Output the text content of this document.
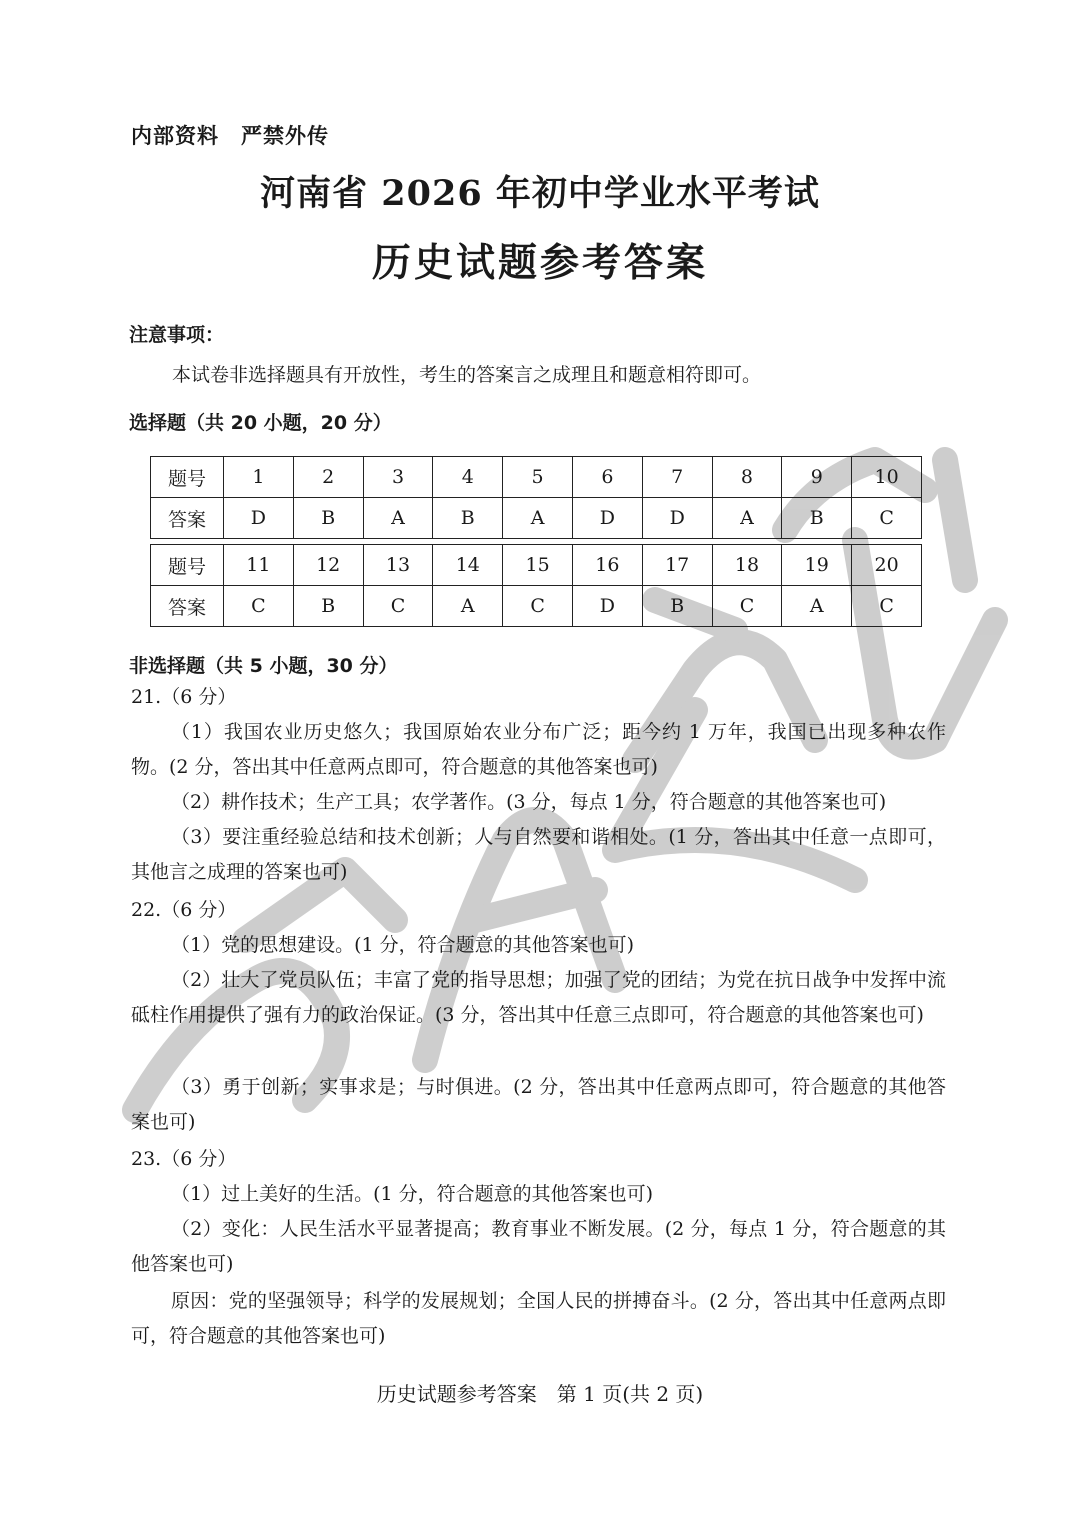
内部资料　严禁外传
河南省 2026 年初中学业水平考试
历史试题参考答案
注意事项：
本试卷非选择题具有开放性，考生的答案言之成理且和题意相符即可。
选择题（共 20 小题，20 分）
题号	1	2	3	4	5	6	7	8	9	10
答案	D	B	A	B	A	D	D	A	B	C
题号	11	12	13	14	15	16	17	18	19	20
答案	C	B	C	A	C	D	B	C	A	C
非选择题（共 5 小题，30 分）
21.（6 分）
（1）我国农业历史悠久；我国原始农业分布广泛；距今约 1 万年，我国已出现多种农作物。(2 分，答出其中任意两点即可，符合题意的其他答案也可)
（2）耕作技术；生产工具；农学著作。(3 分，每点 1 分，符合题意的其他答案也可)
（3）要注重经验总结和技术创新；人与自然要和谐相处。(1 分，答出其中任意一点即可，其他言之成理的答案也可)
22.（6 分）
（1）党的思想建设。(1 分，符合题意的其他答案也可)
（2）壮大了党员队伍；丰富了党的指导思想；加强了党的团结；为党在抗日战争中发挥中流砥柱作用提供了强有力的政治保证。(3 分，答出其中任意三点即可，符合题意的其他答案也可)
（3）勇于创新；实事求是；与时俱进。(2 分，答出其中任意两点即可，符合题意的其他答案也可)
23.（6 分）
（1）过上美好的生活。(1 分，符合题意的其他答案也可)
（2）变化：人民生活水平显著提高；教育事业不断发展。(2 分，每点 1 分，符合题意的其他答案也可)
原因：党的坚强领导；科学的发展规划；全国人民的拼搏奋斗。(2 分，答出其中任意两点即可，符合题意的其他答案也可)
历史试题参考答案　第 1 页(共 2 页)
